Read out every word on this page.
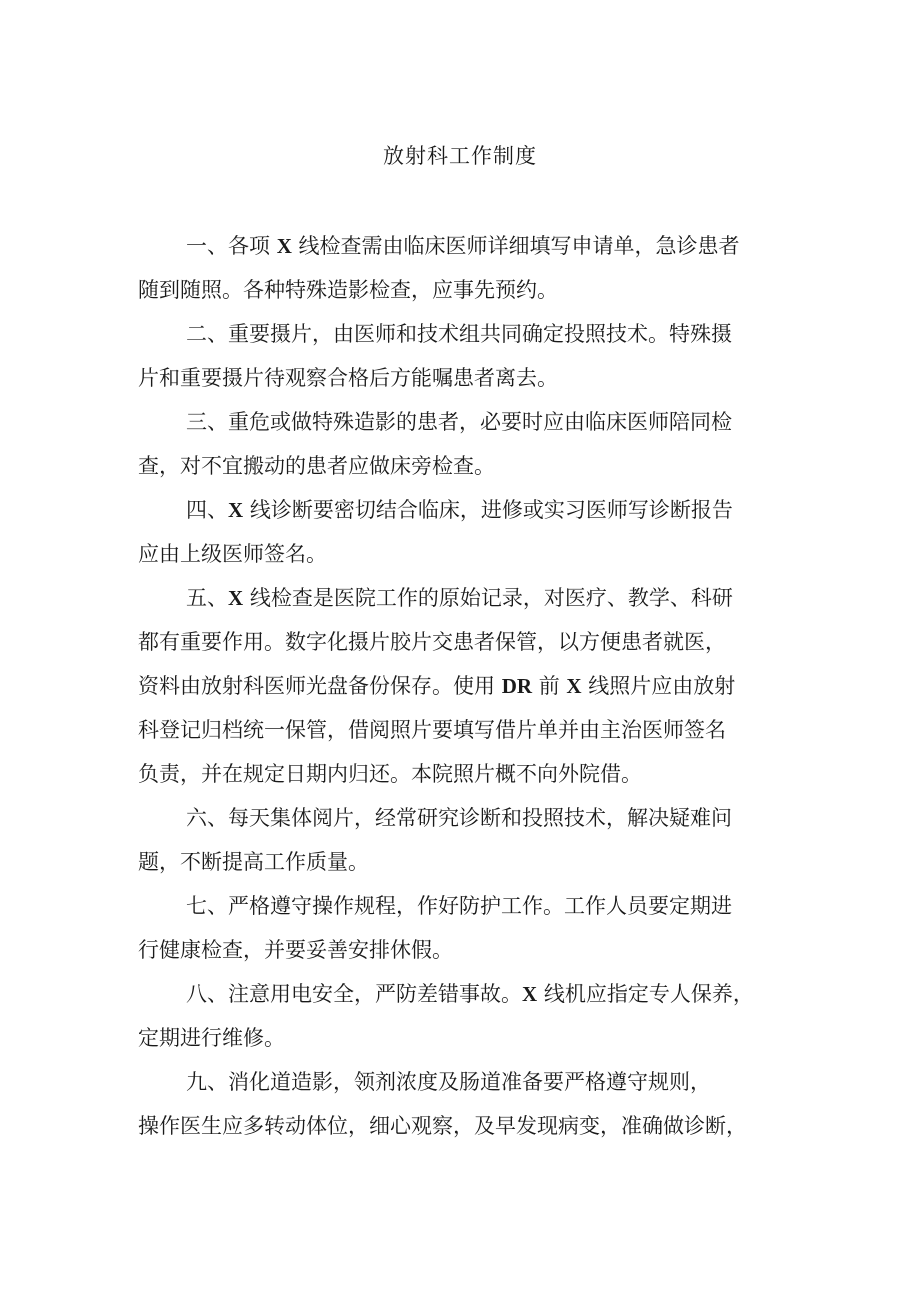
放射科工作制度

一、各项 X 线检查需由临床医师详细填写申请单，急诊患者
随到随照。各种特殊造影检查，应事先预约。

二、重要摄片，由医师和技术组共同确定投照技术。特殊摄
片和重要摄片待观察合格后方能嘱患者离去。

三、重危或做特殊造影的患者，必要时应由临床医师陪同检
查，对不宜搬动的患者应做床旁检查。

四、X 线诊断要密切结合临床，进修或实习医师写诊断报告
应由上级医师签名。

五、X 线检查是医院工作的原始记录，对医疗、教学、科研
都有重要作用。数字化摄片胶片交患者保管，以方便患者就医，
资料由放射科医师光盘备份保存。使用 DR 前 X 线照片应由放射
科登记归档统一保管，借阅照片要填写借片单并由主治医师签名
负责，并在规定日期内归还。本院照片概不向外院借。

六、每天集体阅片，经常研究诊断和投照技术，解决疑难问
题，不断提高工作质量。

七、严格遵守操作规程，作好防护工作。工作人员要定期进
行健康检查，并要妥善安排休假。

八、注意用电安全，严防差错事故。X 线机应指定专人保养，
定期进行维修。

九、消化道造影，领剂浓度及肠道准备要严格遵守规则，
操作医生应多转动体位，细心观察，及早发现病变，准确做诊断，
